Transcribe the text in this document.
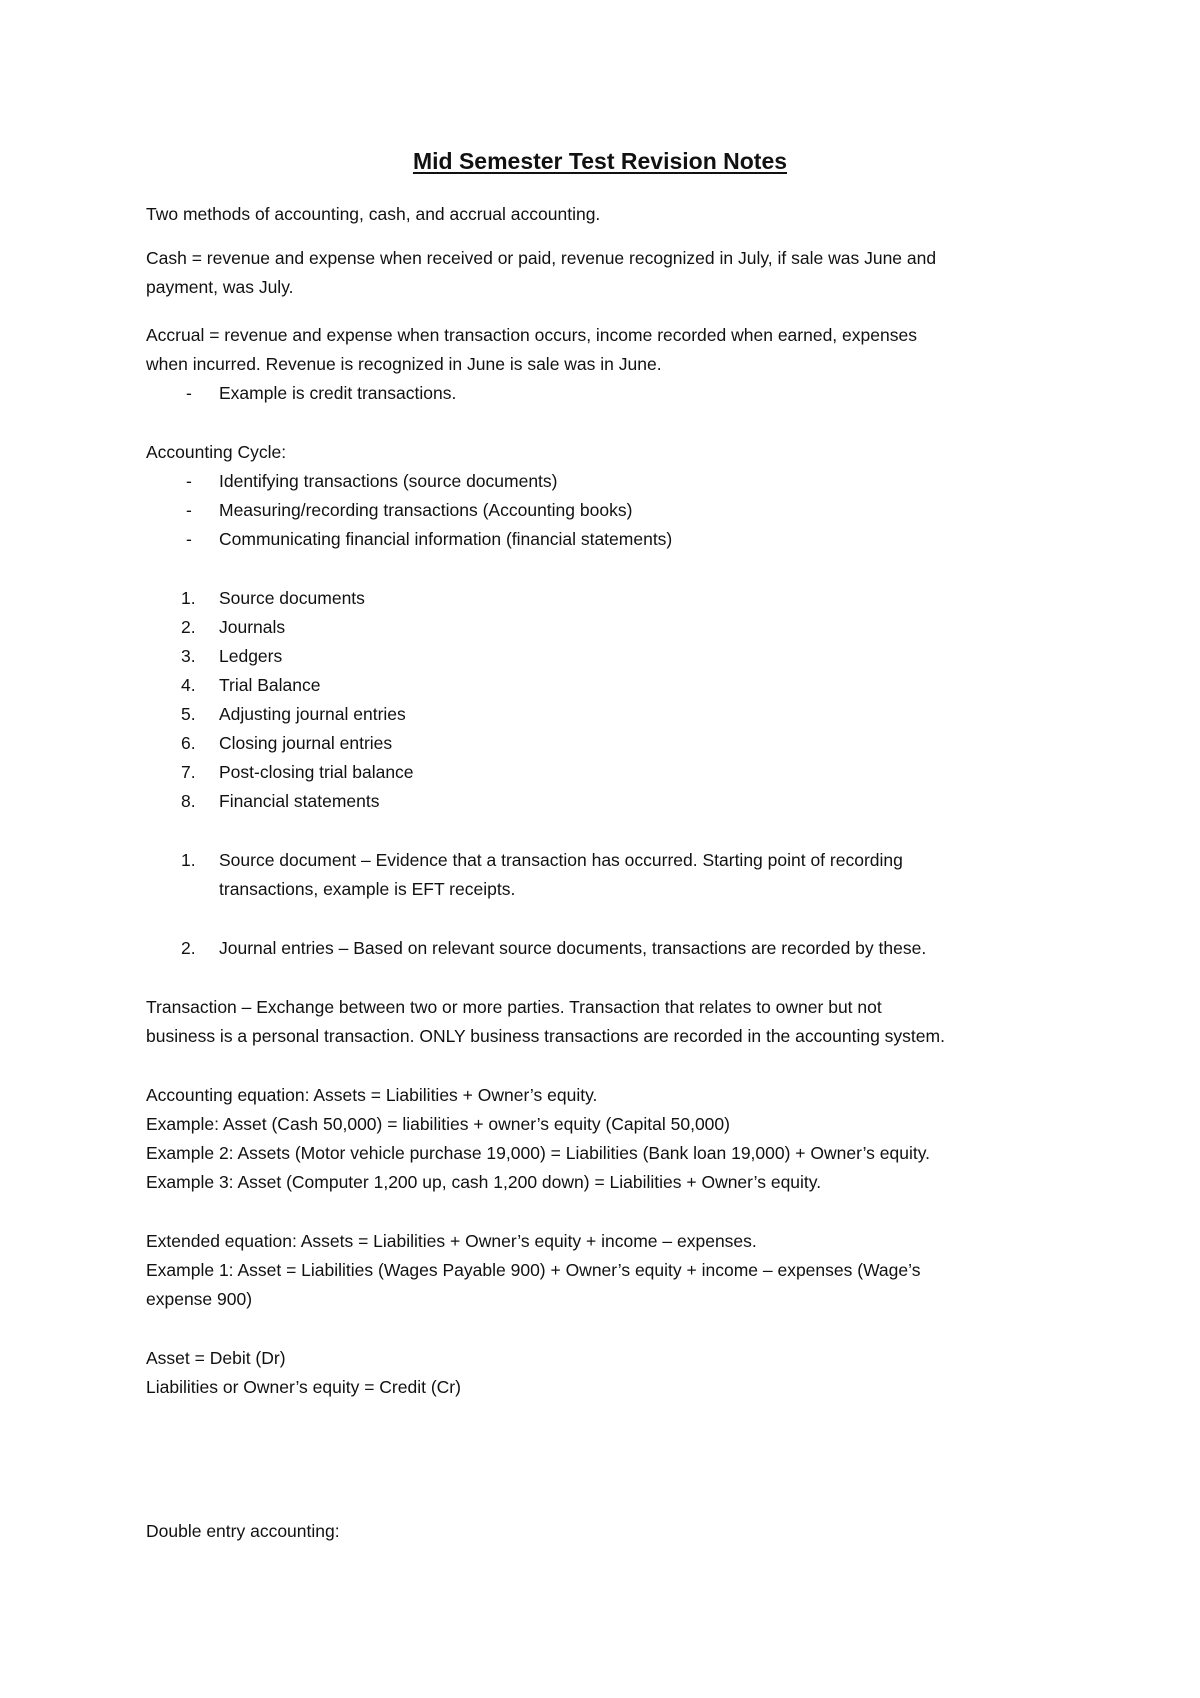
Mid Semester Test Revision Notes
Two methods of accounting, cash, and accrual accounting.
Cash = revenue and expense when received or paid, revenue recognized in July, if sale was June and
payment, was July.
Accrual = revenue and expense when transaction occurs, income recorded when earned, expenses
when incurred. Revenue is recognized in June is sale was in June.
- Example is credit transactions.
Accounting Cycle:
- Identifying transactions (source documents)
- Measuring/recording transactions (Accounting books)
- Communicating financial information (financial statements)
1. Source documents
2. Journals
3. Ledgers
4. Trial Balance
5. Adjusting journal entries
6. Closing journal entries
7. Post-closing trial balance
8. Financial statements
1. Source document – Evidence that a transaction has occurred. Starting point of recording
transactions, example is EFT receipts.
2. Journal entries – Based on relevant source documents, transactions are recorded by these.
Transaction – Exchange between two or more parties. Transaction that relates to owner but not
business is a personal transaction. ONLY business transactions are recorded in the accounting system.
Accounting equation: Assets = Liabilities + Owner’s equity.
Example: Asset (Cash 50,000) = liabilities + owner’s equity (Capital 50,000)
Example 2: Assets (Motor vehicle purchase 19,000) = Liabilities (Bank loan 19,000) + Owner’s equity.
Example 3: Asset (Computer 1,200 up, cash 1,200 down) = Liabilities + Owner’s equity.
Extended equation: Assets = Liabilities + Owner’s equity + income – expenses.
Example 1: Asset = Liabilities (Wages Payable 900) + Owner’s equity + income – expenses (Wage’s
expense 900)
Asset = Debit (Dr)
Liabilities or Owner’s equity = Credit (Cr)
Double entry accounting:
